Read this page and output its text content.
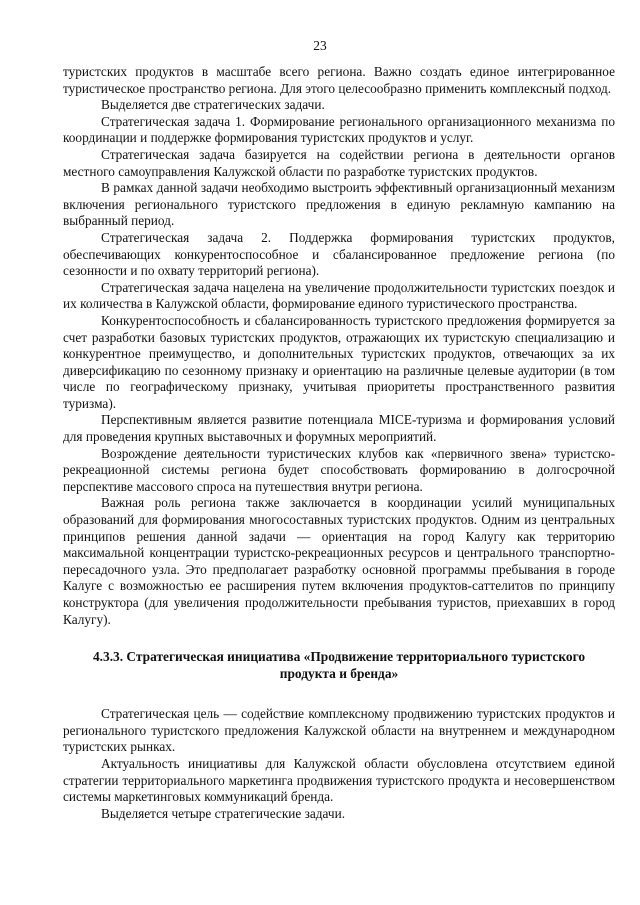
23

туристских продуктов в масштабе всего региона. Важно создать единое интегрированное туристическое пространство региона. Для этого целесообразно применить комплексный подход.

Выделяется две стратегических задачи.

Стратегическая задача 1. Формирование регионального организационного механизма по координации и поддержке формирования туристских продуктов и услуг.

Стратегическая задача базируется на содействии региона в деятельности органов местного самоуправления Калужской области по разработке туристских продуктов.

В рамках данной задачи необходимо выстроить эффективный организационный механизм включения регионального туристского предложения в единую рекламную кампанию на выбранный период.

Стратегическая задача 2. Поддержка формирования туристских продуктов, обеспечивающих конкурентоспособное и сбалансированное предложение региона (по сезонности и по охвату территорий региона).

Стратегическая задача нацелена на увеличение продолжительности туристских поездок и их количества в Калужской области, формирование единого туристического пространства.

Конкурентоспособность и сбалансированность туристского предложения формируется за счет разработки базовых туристских продуктов, отражающих их туристскую специализацию и конкурентное преимущество, и дополнительных туристских продуктов, отвечающих за их диверсификацию по сезонному признаку и ориентацию на различные целевые аудитории (в том числе по географическому признаку, учитывая приоритеты пространственного развития туризма).

Перспективным является развитие потенциала MICE-туризма и формирования условий для проведения крупных выставочных и форумных мероприятий.

Возрождение деятельности туристических клубов как «первичного звена» туристско-рекреационной системы региона будет способствовать формированию в долгосрочной перспективе массового спроса на путешествия внутри региона.

Важная роль региона также заключается в координации усилий муниципальных образований для формирования многосоставных туристских продуктов. Одним из центральных принципов решения данной задачи — ориентация на город Калугу как территорию максимальной концентрации туристско-рекреационных ресурсов и центрального транспортно-пересадочного узла. Это предполагает разработку основной программы пребывания в городе Калуге с возможностью ее расширения путем включения продуктов-саттелитов по принципу конструктора (для увеличения продолжительности пребывания туристов, приехавших в город Калугу).

4.3.3. Стратегическая инициатива «Продвижение территориального туристского продукта и бренда»

Стратегическая цель — содействие комплексному продвижению туристских продуктов и регионального туристского предложения Калужской области на внутреннем и международном туристских рынках.

Актуальность инициативы для Калужской области обусловлена отсутствием единой стратегии территориального маркетинга продвижения туристского продукта и несовершенством системы маркетинговых коммуникаций бренда.

Выделяется четыре стратегические задачи.
